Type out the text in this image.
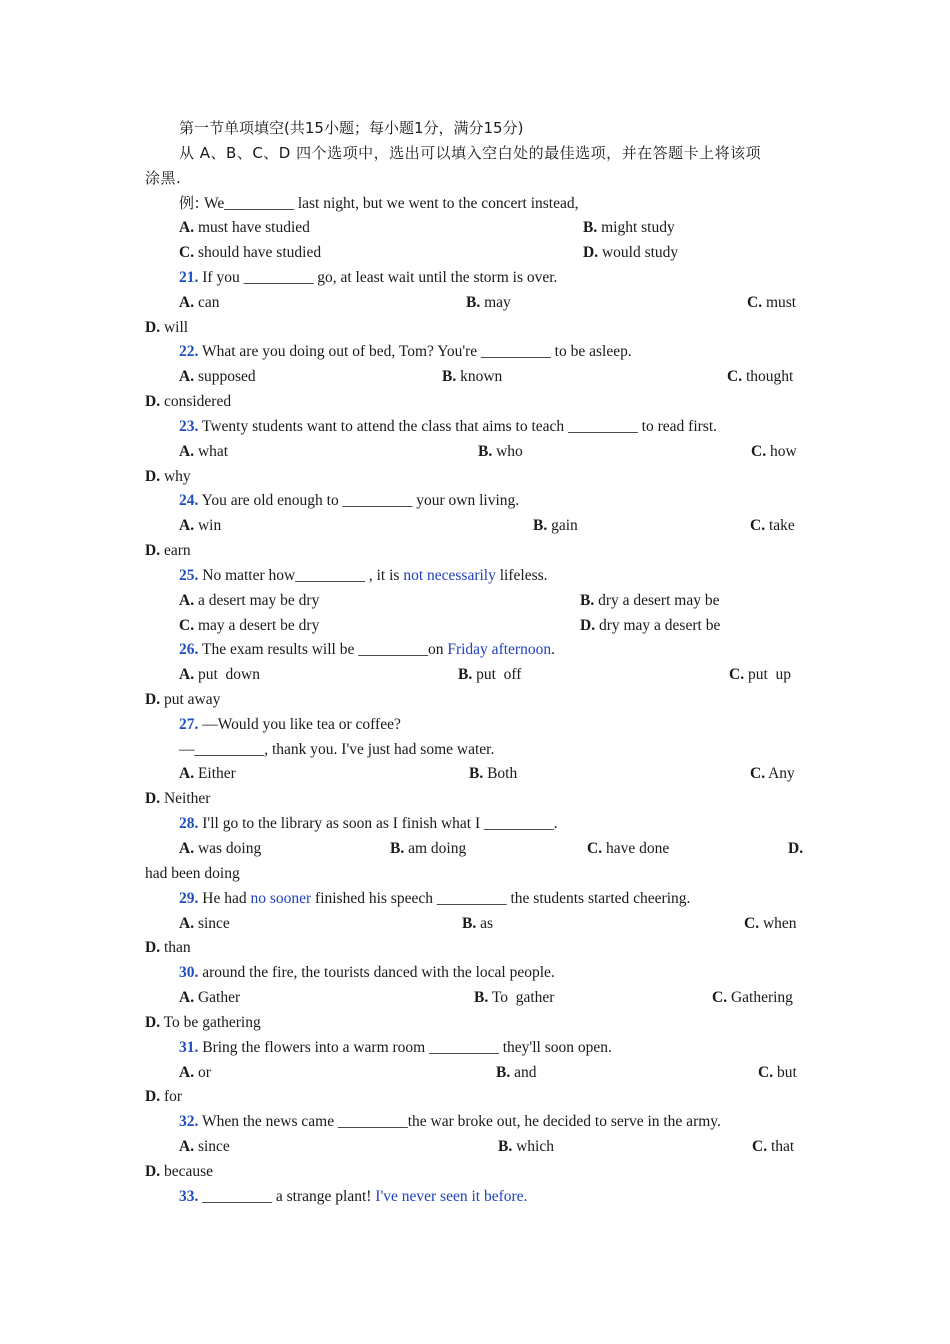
第一节单项填空(共15小题；每小题1分，满分15分)
从 A、B、C、D 四个选项中，选出可以填入空白处的最佳选项，并在答题卡上将该项
涂黑.
例: We_________ last night, but we went to the concert instead,
A. must have studied	B. might study
C. should have studied	D. would study
21. If you _________ go, at least wait until the storm is over.
A. can	B. may	C. must
D. will
22. What are you doing out of bed, Tom? You're _________ to be asleep.
A. supposed	B. known	C. thought
D. considered
23. Twenty students want to attend the class that aims to teach _________ to read first.
A. what	B. who	C. how
D. why
24. You are old enough to _________ your own living.
A. win	B. gain	C. take
D. earn
25. No matter how_________ , it is not necessarily lifeless.
A. a desert may be dry	B. dry a desert may be
C. may a desert be dry	D. dry may a desert be
26. The exam results will be _________on Friday afternoon.
A. put  down	B. put  off	C. put  up
D. put away
27. —Would you like tea or coffee?
—_________, thank you. I've just had some water.
A. Either	B. Both	C. Any
D. Neither
28. I'll go to the library as soon as I finish what I _________.
A. was doing	B. am doing	C. have done	D.
had been doing
29. He had no sooner finished his speech _________ the students started cheering.
A. since	B. as	C. when
D. than
30. around the fire, the tourists danced with the local people.
A. Gather	B. To  gather	C. Gathering
D. To be gathering
31. Bring the flowers into a warm room _________ they'll soon open.
A. or	B. and	C. but
D. for
32. When the news came _________the war broke out, he decided to serve in the army.
A. since	B. which	C. that
D. because
33. _________ a strange plant! I've never seen it before.
